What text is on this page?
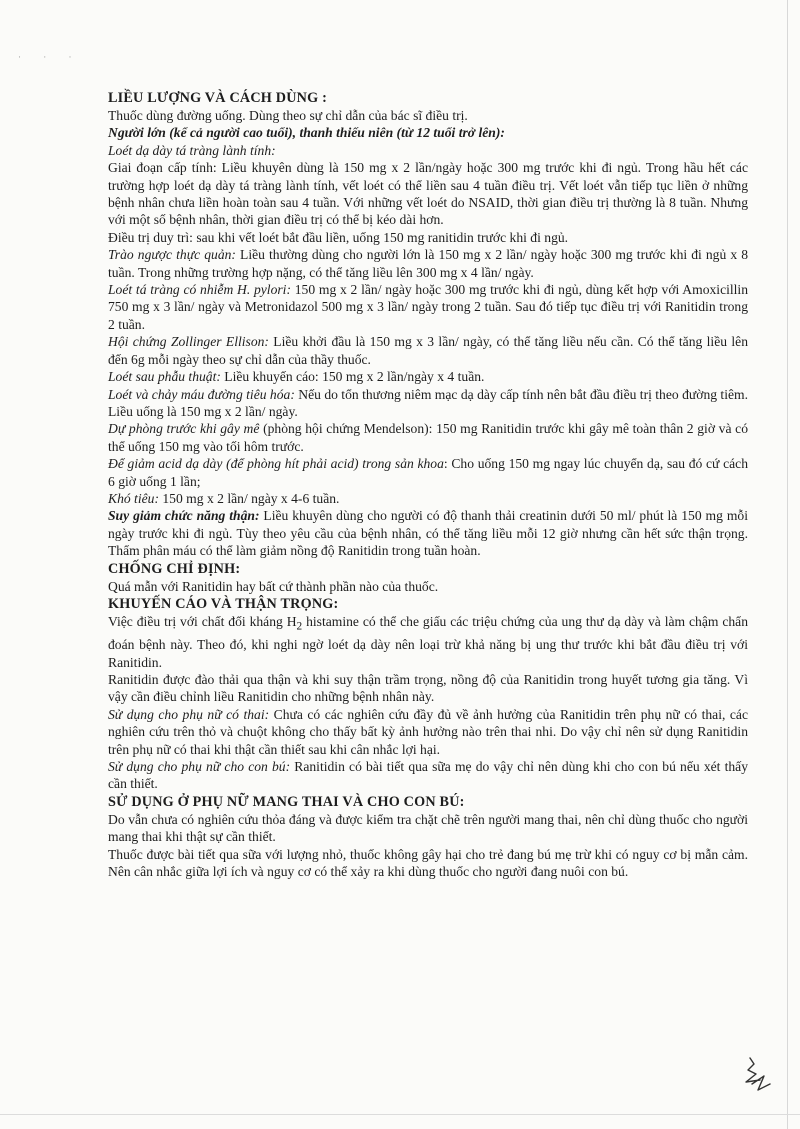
· · ·
LIỀU LƯỢNG VÀ CÁCH DÙNG :

Thuốc dùng đường uống. Dùng theo sự chỉ dẫn của bác sĩ điều trị.

Người lớn (kể cả người cao tuổi), thanh thiếu niên (từ 12 tuổi trở lên):

Loét dạ dày tá tràng lành tính:

Giai đoạn cấp tính: Liều khuyên dùng là 150 mg x 2 lần/ngày hoặc 300 mg trước khi đi ngủ. Trong hầu hết các trường hợp loét dạ dày tá tràng lành tính, vết loét có thể liền sau 4 tuần điều trị. Vết loét vẫn tiếp tục liền ở những bệnh nhân chưa liền hoàn toàn sau 4 tuần. Với những vết loét do NSAID, thời gian điều trị thường là 8 tuần. Nhưng với một số bệnh nhân, thời gian điều trị có thể bị kéo dài hơn.

Điều trị duy trì: sau khi vết loét bắt đầu liền, uống 150 mg ranitidin trước khi đi ngủ.

Trào ngược thực quản: Liều thường dùng cho người lớn là 150 mg x 2 lần/ ngày hoặc 300 mg trước khi đi ngủ x 8 tuần. Trong những trường hợp nặng, có thể tăng liều lên 300 mg x 4 lần/ ngày.

Loét tá tràng có nhiễm H. pylori: 150 mg x 2 lần/ ngày hoặc 300 mg trước khi đi ngủ, dùng kết hợp với Amoxicillin 750 mg x 3 lần/ ngày và Metronidazol 500 mg x 3 lần/ ngày trong 2 tuần. Sau đó tiếp tục điều trị với Ranitidin trong 2 tuần.

Hội chứng Zollinger Ellison: Liều khởi đầu là 150 mg x 3 lần/ ngày, có thể tăng liều nếu cần. Có thể tăng liều lên đến 6g mỗi ngày theo sự chỉ dẫn của thầy thuốc.

Loét sau phẫu thuật: Liều khuyến cáo: 150 mg x 2 lần/ngày x 4 tuần.

Loét và chảy máu đường tiêu hóa: Nếu do tổn thương niêm mạc dạ dày cấp tính nên bắt đầu điều trị theo đường tiêm. Liều uống là 150 mg x 2 lần/ ngày.

Dự phòng trước khi gây mê (phòng hội chứng Mendelson): 150 mg Ranitidin trước khi gây mê toàn thân 2 giờ và có thể uống 150 mg vào tối hôm trước.

Để giảm acid dạ dày (để phòng hít phải acid) trong sản khoa: Cho uống 150 mg ngay lúc chuyển dạ, sau đó cứ cách 6 giờ uống 1 lần;

Khó tiêu: 150 mg x 2 lần/ ngày x 4-6 tuần.

Suy giảm chức năng thận: Liều khuyên dùng cho người có độ thanh thải creatinin dưới 50 ml/ phút là 150 mg mỗi ngày trước khi đi ngủ. Tùy theo yêu cầu của bệnh nhân, có thể tăng liều mỗi 12 giờ nhưng cần hết sức thận trọng. Thẩm phân máu có thể làm giảm nồng độ Ranitidin trong tuần hoàn.

CHỐNG CHỈ ĐỊNH:

Quá mẫn với Ranitidin hay bất cứ thành phần nào của thuốc.

KHUYẾN CÁO VÀ THẬN TRỌNG:

Việc điều trị với chất đối kháng $H_2$ histamine có thể che giấu các triệu chứng của ung thư dạ dày và làm chậm chẩn đoán bệnh này. Theo đó, khi nghi ngờ loét dạ dày nên loại trừ khả năng bị ung thư trước khi bắt đầu điều trị với Ranitidin.

Ranitidin được đào thải qua thận và khi suy thận trầm trọng, nồng độ của Ranitidin trong huyết tương gia tăng. Vì vậy cần điều chỉnh liều Ranitidin cho những bệnh nhân này.

Sử dụng cho phụ nữ có thai: Chưa có các nghiên cứu đầy đủ về ảnh hưởng của Ranitidin trên phụ nữ có thai, các nghiên cứu trên thỏ và chuột không cho thấy bất kỳ ảnh hưởng nào trên thai nhi. Do vậy chỉ nên sử dụng Ranitidin trên phụ nữ có thai khi thật cần thiết sau khi cân nhắc lợi hại.

Sử dụng cho phụ nữ cho con bú: Ranitidin có bài tiết qua sữa mẹ do vậy chỉ nên dùng khi cho con bú nếu xét thấy cần thiết.

SỬ DỤNG Ở PHỤ NỮ MANG THAI VÀ CHO CON BÚ:

Do vẫn chưa có nghiên cứu thỏa đáng và được kiểm tra chặt chẽ trên người mang thai, nên chỉ dùng thuốc cho người mang thai khi thật sự cần thiết.

Thuốc được bài tiết qua sữa với lượng nhỏ, thuốc không gây hại cho trẻ đang bú mẹ trừ khi có nguy cơ bị mẫn cảm. Nên cân nhắc giữa lợi ích và nguy cơ có thể xảy ra khi dùng thuốc cho người đang nuôi con bú.
